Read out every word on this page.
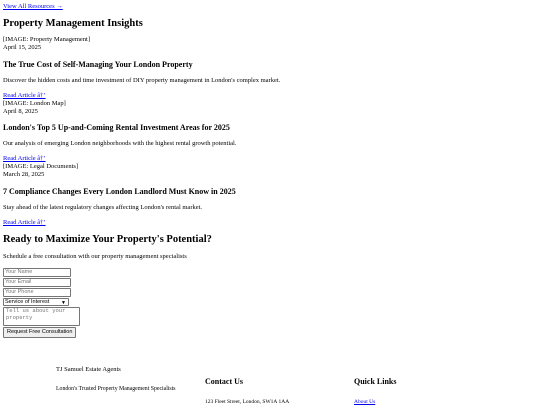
View All Resources →
Property Management Insights
[IMAGE: Property Management]
April 15, 2025
The True Cost of Self-Managing Your London Property

Discover the hidden costs and time investment of DIY property management in London's complex market.

Read Article â†’
[IMAGE: London Map]
April 8, 2025
London's Top 5 Up-and-Coming Rental Investment Areas for 2025

Our analysis of emerging London neighborhoods with the highest rental growth potential.

Read Article â†’
[IMAGE: Legal Documents]
March 28, 2025
7 Compliance Changes Every London Landlord Must Know in 2025

Stay ahead of the latest regulatory changes affecting London's rental market.

Read Article â†’
Ready to Maximize Your Property's Potential?

Schedule a free consultation with our property management specialists

Your Name
Your Email
Your Phone
Service of Interest ▼
Tell us about your property
Request Free Consultation
TJ Samuel Estate Agents
London's Trusted Property Management Specialists
Contact Us
123 Fleet Street, London, SW1A 1AA
Quick Links
About Us
